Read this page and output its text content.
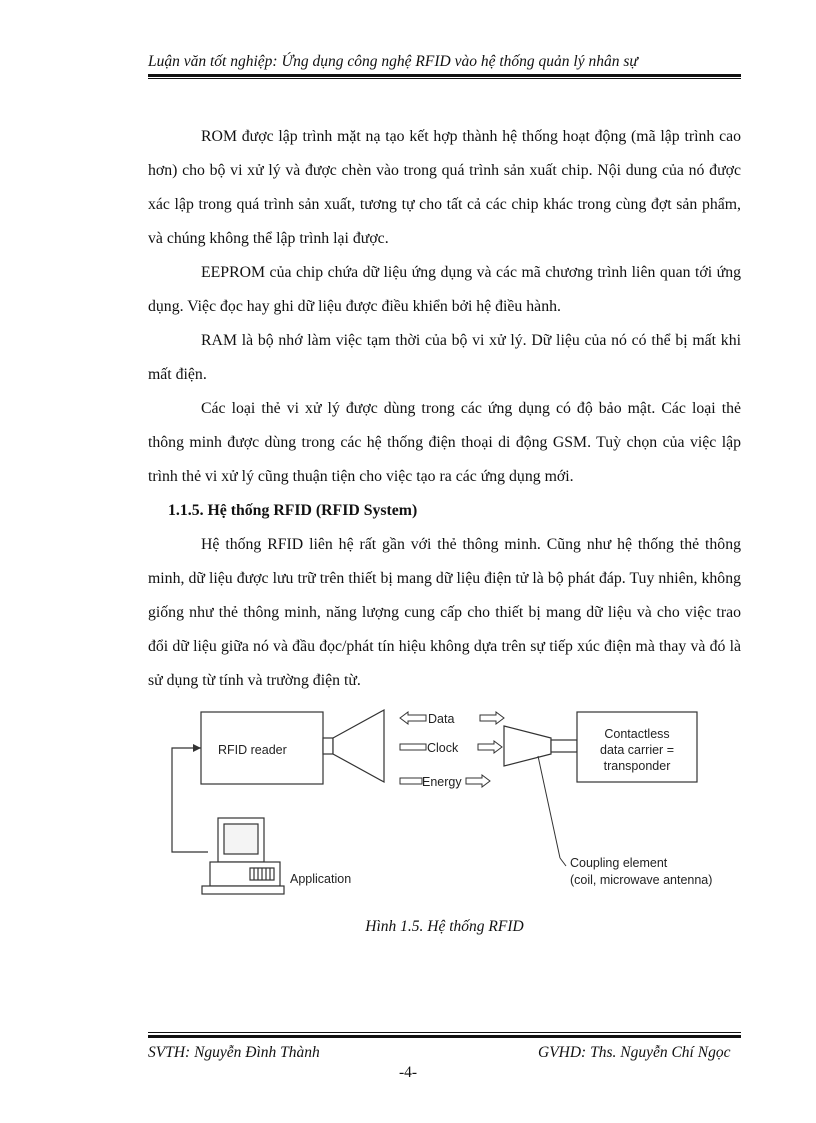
Luận văn tốt nghiệp: Ứng dụng công nghệ RFID vào hệ thống quản lý nhân sự

ROM được lập trình mặt nạ tạo kết hợp thành hệ thống hoạt động (mã lập trình cao hơn) cho bộ vi xử lý và được chèn vào trong quá trình sản xuất chip. Nội dung của nó được xác lập trong quá trình sản xuất, tương tự cho tất cả các chip khác trong cùng đợt sản phẩm, và chúng không thể lập trình lại được.

EEPROM của chip chứa dữ liệu ứng dụng và các mã chương trình liên quan tới ứng dụng. Việc đọc hay ghi dữ liệu được điều khiển bởi hệ điều hành.

RAM là bộ nhớ làm việc tạm thời của bộ vi xử lý. Dữ liệu của nó có thể bị mất khi mất điện.

Các loại thẻ vi xử lý được dùng trong các ứng dụng có độ bảo mật. Các loại thẻ thông minh được dùng trong các hệ thống điện thoại di động GSM. Tuỳ chọn của việc lập trình thẻ vi xử lý cũng thuận tiện cho việc tạo ra các ứng dụng mới.

1.1.5. Hệ thống RFID (RFID System)

Hệ thống RFID liên hệ rất gần với thẻ thông minh. Cũng như hệ thống thẻ thông minh, dữ liệu được lưu trữ trên thiết bị mang dữ liệu điện tử là bộ phát đáp. Tuy nhiên, không giống như thẻ thông minh, năng lượng cung cấp cho thiết bị mang dữ liệu và cho việc trao đổi dữ liệu giữa nó và đầu đọc/phát tín hiệu không dựa trên sự tiếp xúc điện mà thay và đó là sử dụng từ tính và trường điện từ.

RFID reader
Contactless
data carrier =
transponder
Data
Clock
Energy
Application
Coupling element
(coil, microwave antenna)
Hình 1.5. Hệ thống RFID
SVTH: Nguyễn Đình Thành	GVHD: Ths. Nguyễn Chí Ngọc
-4-
